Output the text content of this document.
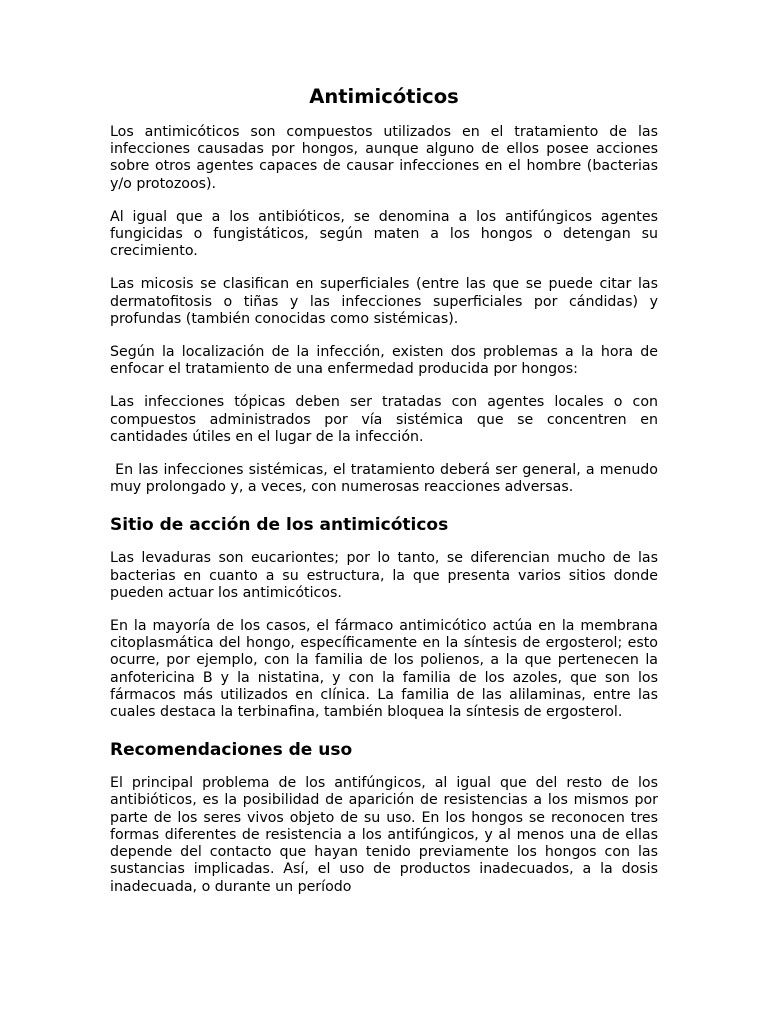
Antimicóticos

Los antimicóticos son compuestos utilizados en el tratamiento de las infecciones causadas por hongos, aunque alguno de ellos posee acciones sobre otros agentes capaces de causar infecciones en el hombre (bacterias y/o protozoos).

Al igual que a los antibióticos, se denomina a los antifúngicos agentes fungicidas o fungistáticos, según maten a los hongos o detengan su crecimiento.

Las micosis se clasifican en superficiales (entre las que se puede citar las dermatofitosis o tiñas y las infecciones superficiales por cándidas) y profundas (también conocidas como sistémicas).

Según la localización de la infección, existen dos problemas a la hora de enfocar el tratamiento de una enfermedad producida por hongos:

Las infecciones tópicas deben ser tratadas con agentes locales o con compuestos administrados por vía sistémica que se concentren en cantidades útiles en el lugar de la infección.

En las infecciones sistémicas, el tratamiento deberá ser general, a menudo muy prolongado y, a veces, con numerosas reacciones adversas.

Sitio de acción de los antimicóticos

Las levaduras son eucariontes; por lo tanto, se diferencian mucho de las bacterias en cuanto a su estructura, la que presenta varios sitios donde pueden actuar los antimicóticos.

En la mayoría de los casos, el fármaco antimicótico actúa en la membrana citoplasmática del hongo, específicamente en la síntesis de ergosterol; esto ocurre, por ejemplo, con la familia de los polienos, a la que pertenecen la anfotericina B y la nistatina, y con la familia de los azoles, que son los fármacos más utilizados en clínica. La familia de las alilaminas, entre las cuales destaca la terbinafina, también bloquea la síntesis de ergosterol.

Recomendaciones de uso

El principal problema de los antifúngicos, al igual que del resto de los antibióticos, es la posibilidad de aparición de resistencias a los mismos por parte de los seres vivos objeto de su uso. En los hongos se reconocen tres formas diferentes de resistencia a los antifúngicos, y al menos una de ellas depende del contacto que hayan tenido previamente los hongos con las sustancias implicadas. Así, el uso de productos inadecuados, a la dosis inadecuada, o durante un período
